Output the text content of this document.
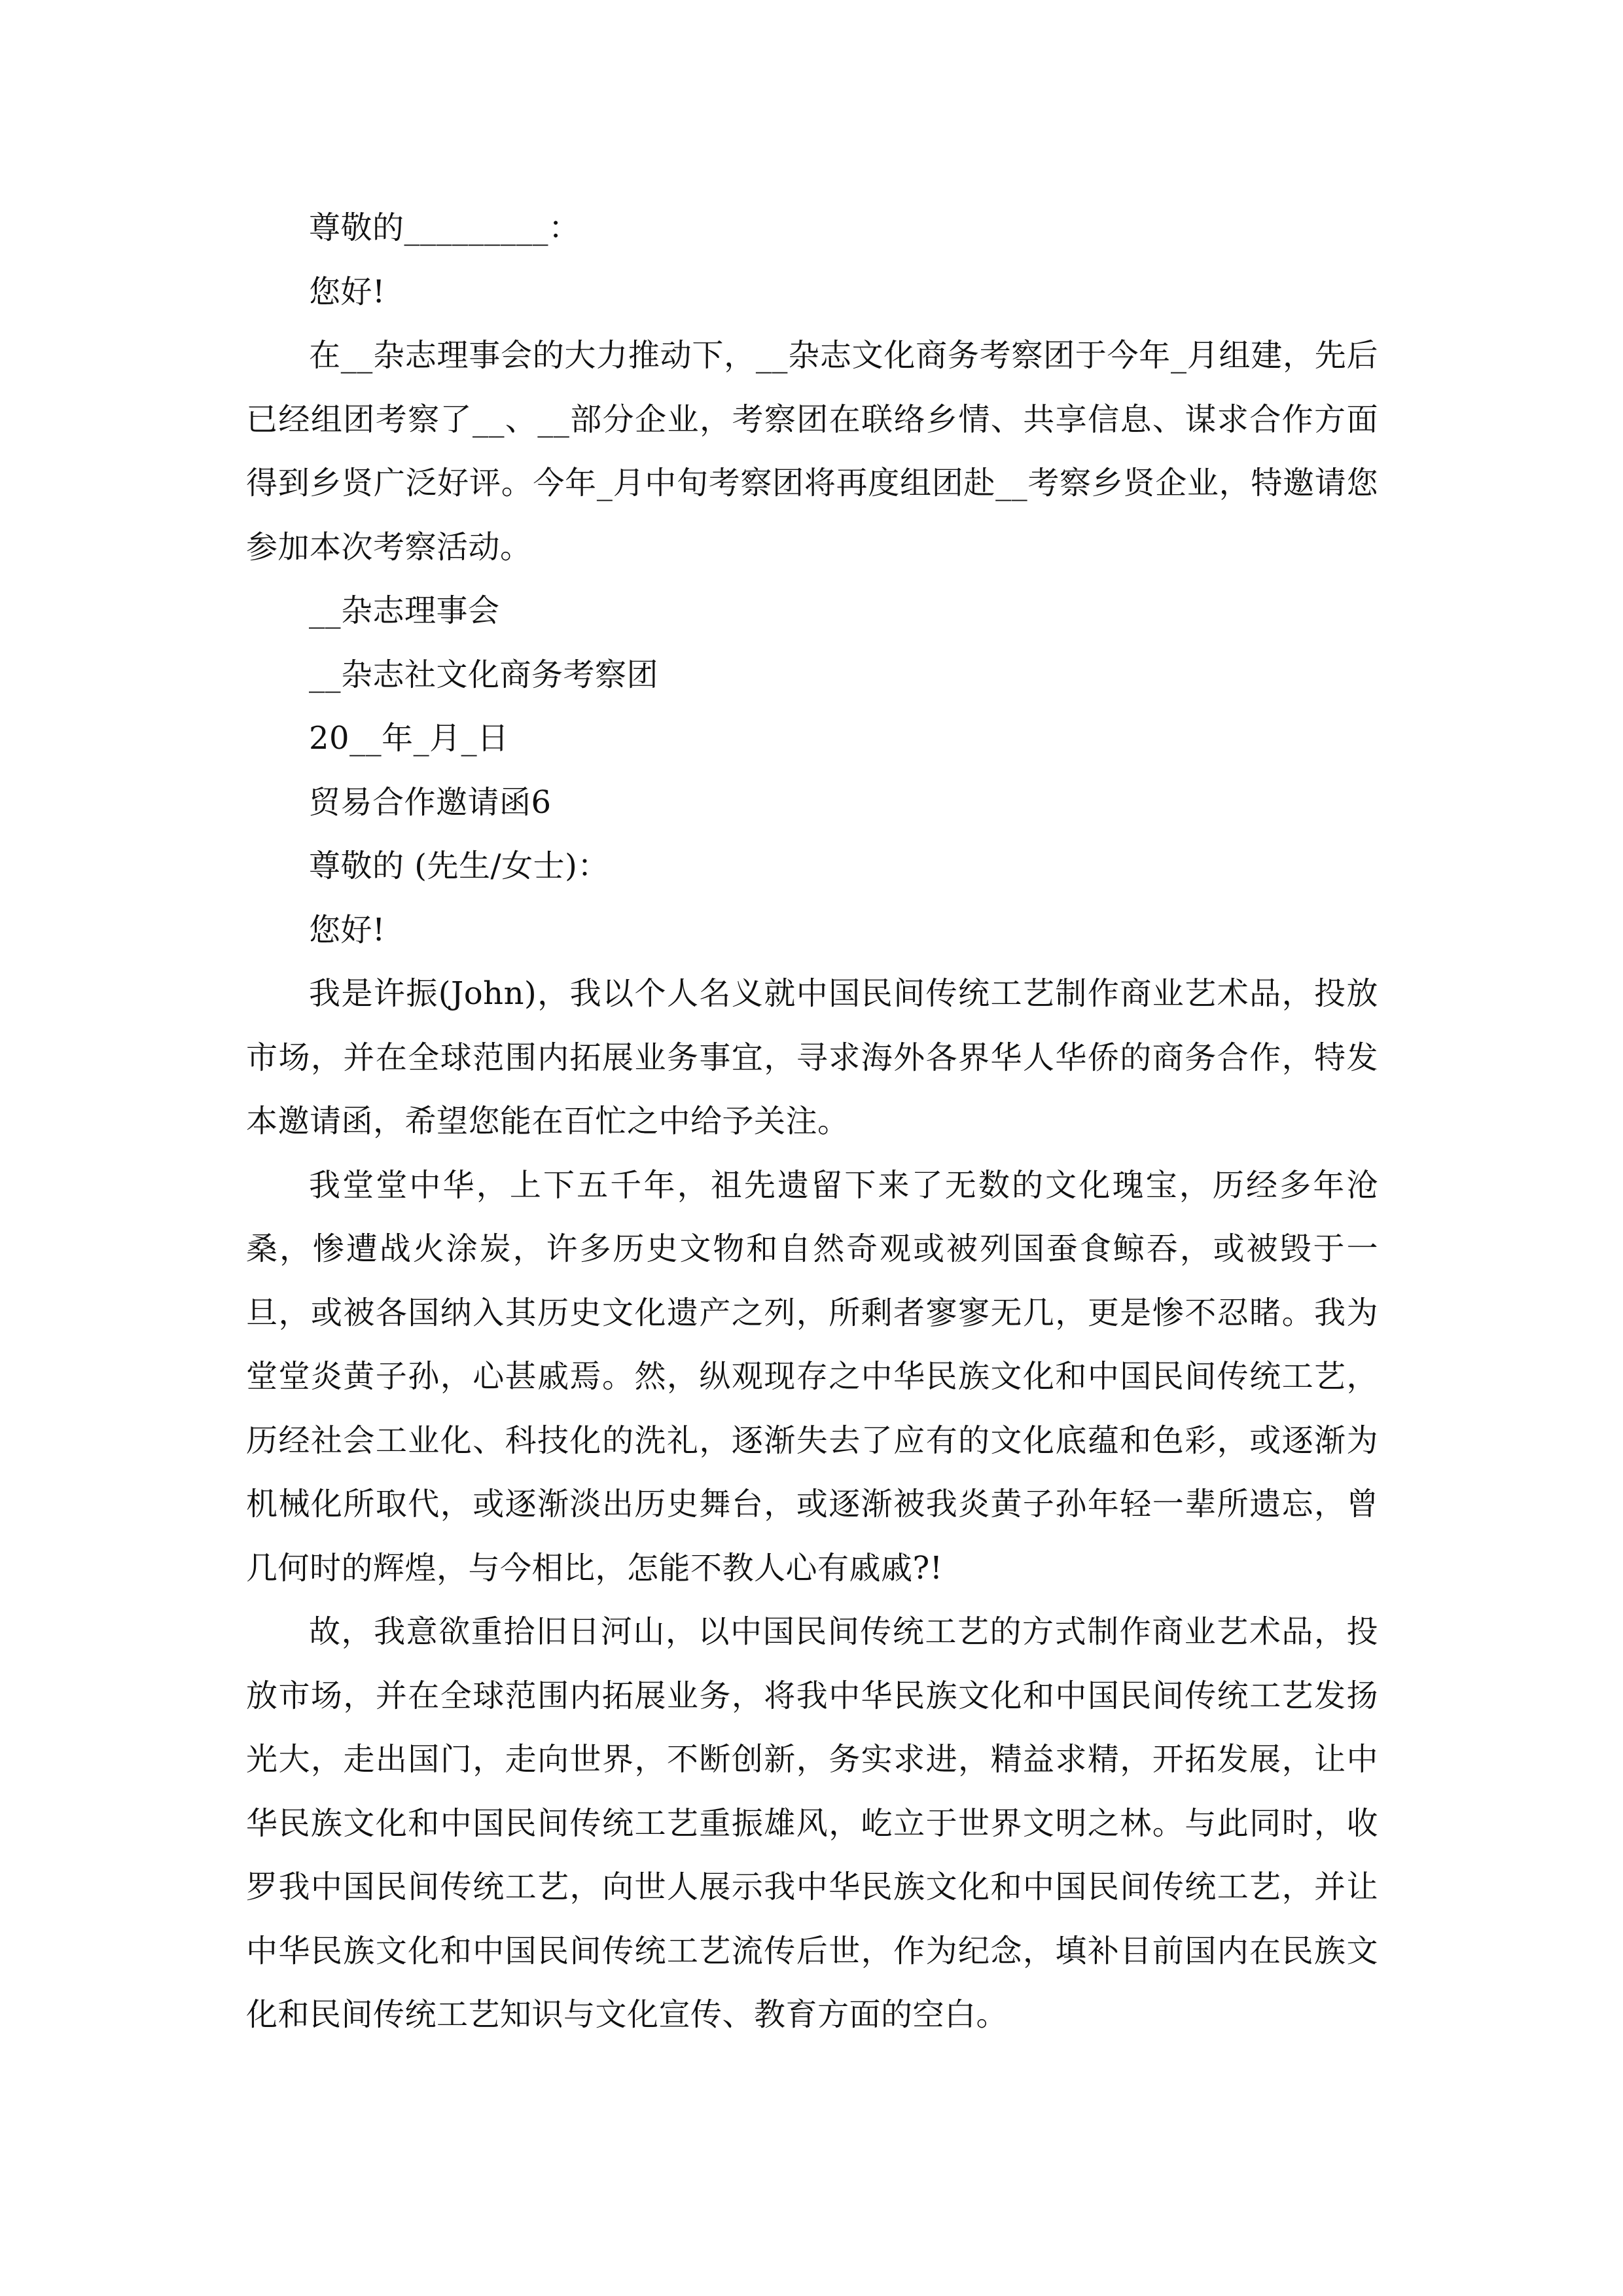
尊敬的_________：

您好!

在__杂志理事会的大力推动下，__杂志文化商务考察团于今年_月组建，先后已经组团考察了__、__部分企业，考察团在联络乡情、共享信息、谋求合作方面得到乡贤广泛好评。今年_月中旬考察团将再度组团赴__考察乡贤企业，特邀请您参加本次考察活动。

__杂志理事会

__杂志社文化商务考察团

20__年_月_日

贸易合作邀请函6

尊敬的 (先生/女士)：

您好!

我是许振(John)，我以个人名义就中国民间传统工艺制作商业艺术品，投放市场，并在全球范围内拓展业务事宜，寻求海外各界华人华侨的商务合作，特发本邀请函，希望您能在百忙之中给予关注。

我堂堂中华，上下五千年，祖先遗留下来了无数的文化瑰宝，历经多年沧桑，惨遭战火涂炭，许多历史文物和自然奇观或被列国蚕食鲸吞，或被毁于一旦，或被各国纳入其历史文化遗产之列，所剩者寥寥无几，更是惨不忍睹。我为堂堂炎黄子孙，心甚戚焉。然，纵观现存之中华民族文化和中国民间传统工艺，历经社会工业化、科技化的洗礼，逐渐失去了应有的文化底蕴和色彩，或逐渐为机械化所取代，或逐渐淡出历史舞台，或逐渐被我炎黄子孙年轻一辈所遗忘，曾几何时的辉煌，与今相比，怎能不教人心有戚戚?!

故，我意欲重拾旧日河山，以中国民间传统工艺的方式制作商业艺术品，投放市场，并在全球范围内拓展业务，将我中华民族文化和中国民间传统工艺发扬光大，走出国门，走向世界，不断创新，务实求进，精益求精，开拓发展，让中华民族文化和中国民间传统工艺重振雄风，屹立于世界文明之林。与此同时，收罗我中国民间传统工艺，向世人展示我中华民族文化和中国民间传统工艺，并让中华民族文化和中国民间传统工艺流传后世，作为纪念，填补目前国内在民族文化和民间传统工艺知识与文化宣传、教育方面的空白。
